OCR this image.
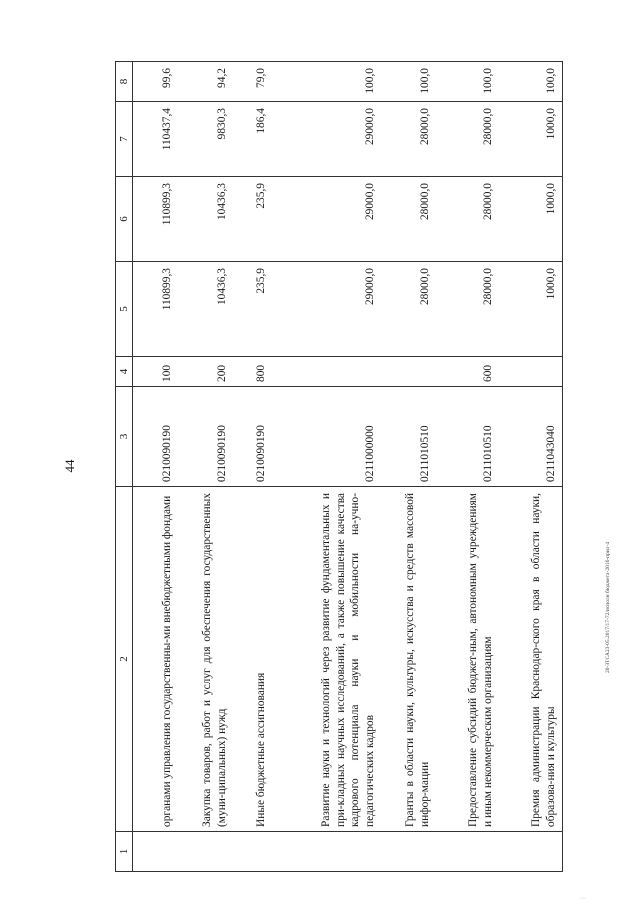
44
20-ЗТСА23-05.2017/17-72/исполн бюджета-2016-прил-4
···
1	2	3	4	5	6	7	8
	органами управления государственны-ми внебюджетными фондами	0210090190	100	110899,3	110899,3	110437,4	99,6
	Закупка товаров, работ и услуг для обеспечения государственных (муни-ципальных) нужд	0210090190	200	10436,3	10436,3	9830,3	94,2
	Иные бюджетные ассигнования	0210090190	800	235,9	235,9	186,4	79,0
	Развитие науки и технологий через развитие фундаментальных и при-кладных научных исследований, а также повышение качества кадрового потенциала науки и мобильности на-учно-педагогических кадров	0211000000		29000,0	29000,0	29000,0	100,0
	Гранты в области науки, культуры, искусства и средств массовой инфор-мации	0211010510		28000,0	28000,0	28000,0	100,0
	Предоставление субсидий бюджет-ным, автономным учреждениям и иным некоммерческим организациям	0211010510	600	28000,0	28000,0	28000,0	100,0
	Премия администрации Краснодар-ского края в области науки, образова-ния и культуры	0211043040		1000,0	1000,0	1000,0	100,0
